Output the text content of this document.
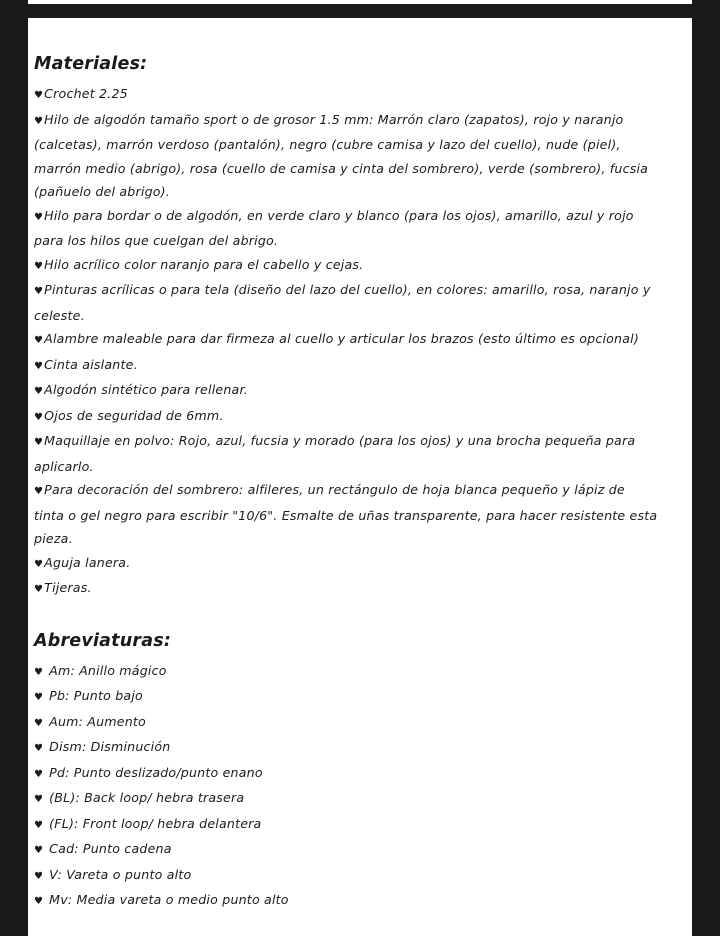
Materiales:
♥Crochet 2.25
♥Hilo de algodón tamaño sport o de grosor 1.5 mm: Marrón claro (zapatos), rojo y naranjo (calcetas), marrón verdoso (pantalón), negro (cubre camisa y lazo del cuello), nude (piel), marrón medio (abrigo), rosa (cuello de camisa y cinta del sombrero), verde (sombrero), fucsia (pañuelo del abrigo).
♥Hilo para bordar o de algodón, en verde claro y blanco (para los ojos), amarillo, azul y rojo para los hilos que cuelgan del abrigo.
♥Hilo acrílico color naranjo para el cabello y cejas.
♥Pinturas acrílicas o para tela (diseño del lazo del cuello), en colores: amarillo, rosa, naranjo y celeste.
♥Alambre maleable para dar firmeza al cuello y articular los brazos (esto último es opcional)
♥Cinta aislante.
♥Algodón sintético para rellenar.
♥Ojos de seguridad de 6mm.
♥Maquillaje en polvo: Rojo, azul, fucsia y morado (para los ojos) y una brocha pequeña para aplicarlo.
♥Para decoración del sombrero: alfileres, un rectángulo de hoja blanca pequeño y lápiz de tinta o gel negro para escribir "10/6". Esmalte de uñas transparente, para hacer resistente esta pieza.
♥Aguja lanera.
♥Tijeras.
Abreviaturas:
♥ Am: Anillo mágico
♥ Pb: Punto bajo
♥ Aum: Aumento
♥ Dism: Disminución
♥ Pd: Punto deslizado/punto enano
♥ (BL): Back loop/ hebra trasera
♥ (FL): Front loop/ hebra delantera
♥ Cad: Punto cadena
♥ V: Vareta o punto alto
♥ Mv: Media vareta o medio punto alto
